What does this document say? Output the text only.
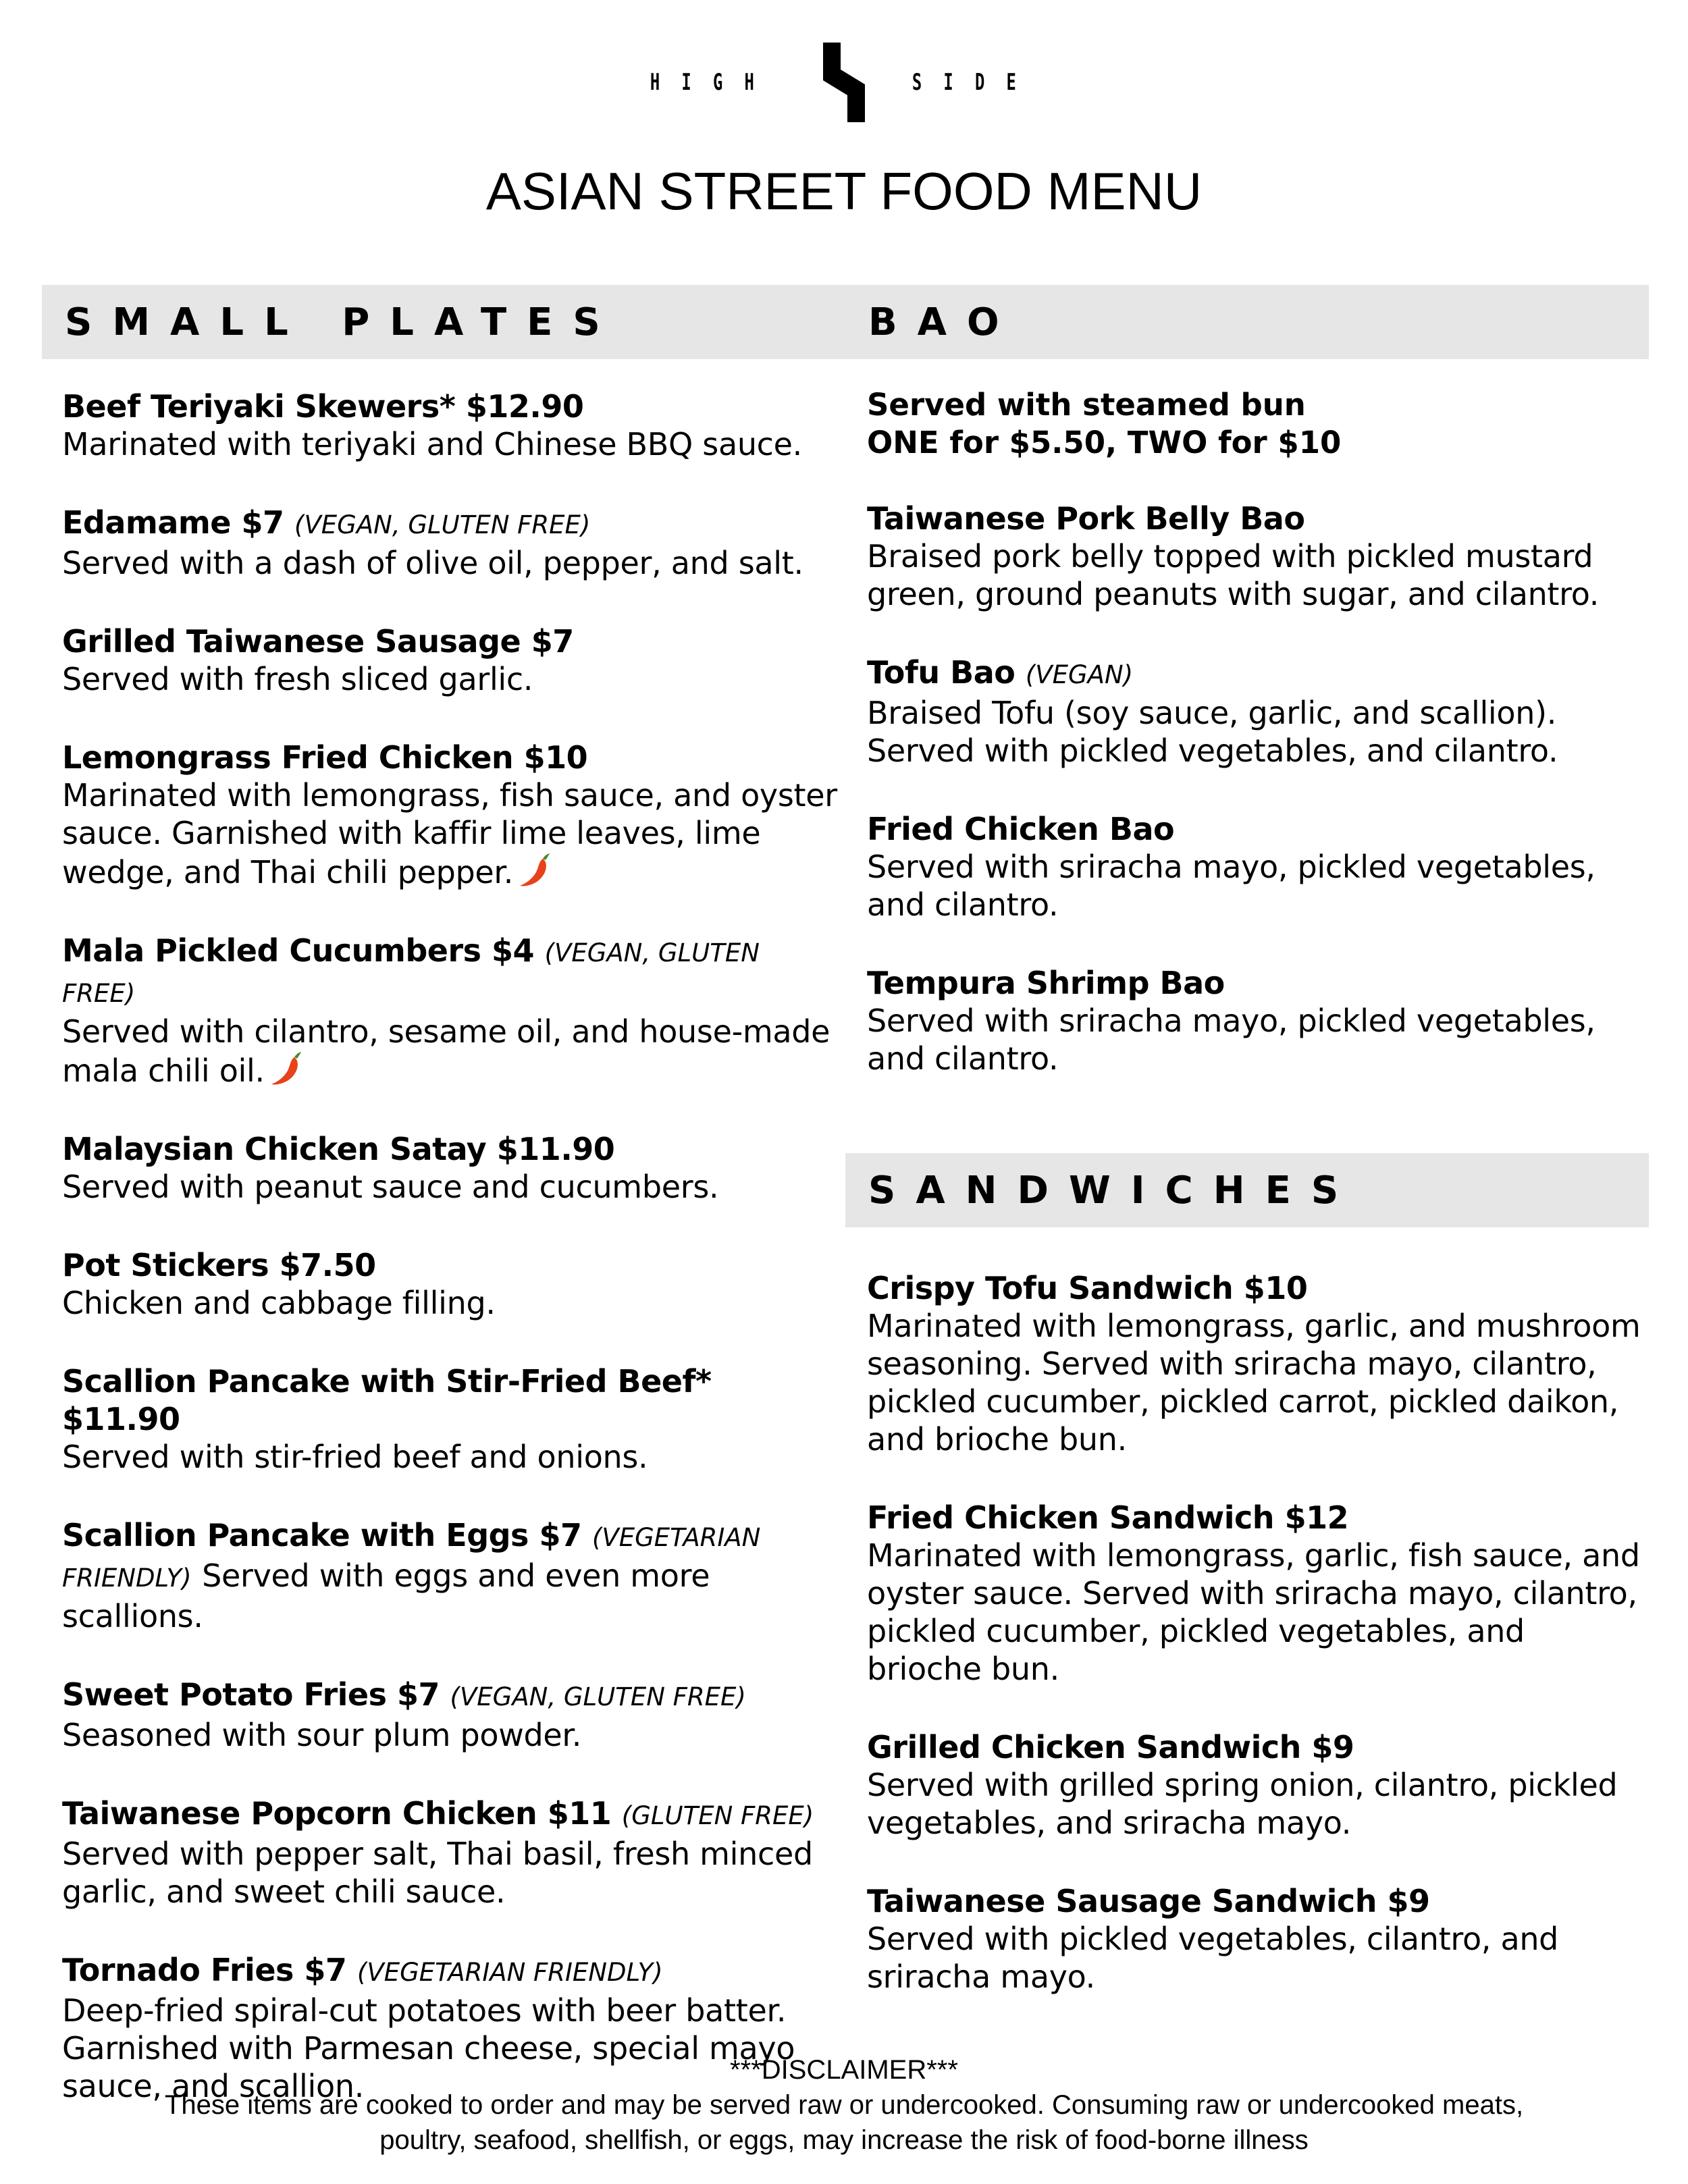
HIGH	SIDE
ASIAN STREET FOOD MENU
SMALL PLATES	BAO
SANDWICHES
Beef Teriyaki Skewers* $12.90
Marinated with teriyaki and Chinese BBQ sauce.
Edamame $7 (VEGAN, GLUTEN FREE)
Served with a dash of olive oil, pepper, and salt.
Grilled Taiwanese Sausage $7
Served with fresh sliced garlic.
Lemongrass Fried Chicken $10
Marinated with lemongrass, fish sauce, and oyster sauce. Garnished with kaffir lime leaves, lime wedge, and Thai chili pepper.
Mala Pickled Cucumbers $4 (VEGAN, GLUTEN FREE)
Served with cilantro, sesame oil, and house-made mala chili oil.
Malaysian Chicken Satay $11.90
Served with peanut sauce and cucumbers.
Pot Stickers $7.50
Chicken and cabbage filling.
Scallion Pancake with Stir-Fried Beef* $11.90
Served with stir-fried beef and onions.
Scallion Pancake with Eggs $7 (VEGETARIAN FRIENDLY) Served with eggs and even more scallions.
Sweet Potato Fries $7 (VEGAN, GLUTEN FREE)
Seasoned with sour plum powder.
Taiwanese Popcorn Chicken $11 (GLUTEN FREE)
Served with pepper salt, Thai basil, fresh minced garlic, and sweet chili sauce.
Tornado Fries $7 (VEGETARIAN FRIENDLY)
Deep-fried spiral-cut potatoes with beer batter. Garnished with Parmesan cheese, special mayo sauce, and scallion.
Served with steamed bun
ONE for $5.50, TWO for $10
Taiwanese Pork Belly Bao
Braised pork belly topped with pickled mustard green, ground peanuts with sugar, and cilantro.
Tofu Bao (VEGAN)
Braised Tofu (soy sauce, garlic, and scallion). Served with pickled vegetables, and cilantro.
Fried Chicken Bao
Served with sriracha mayo, pickled vegetables, and cilantro.
Tempura Shrimp Bao
Served with sriracha mayo, pickled vegetables, and cilantro.
Crispy Tofu Sandwich $10
Marinated with lemongrass, garlic, and mushroom seasoning. Served with sriracha mayo, cilantro, pickled cucumber, pickled carrot, pickled daikon, and brioche bun.
Fried Chicken Sandwich $12
Marinated with lemongrass, garlic, fish sauce, and oyster sauce. Served with sriracha mayo, cilantro, pickled cucumber, pickled vegetables, and brioche bun.
Grilled Chicken Sandwich $9
Served with grilled spring onion, cilantro, pickled vegetables, and sriracha mayo.
Taiwanese Sausage Sandwich $9
Served with pickled vegetables, cilantro, and sriracha mayo.
***DISCLAIMER***
These items are cooked to order and may be served raw or undercooked. Consuming raw or undercooked meats,
poultry, seafood, shellfish, or eggs, may increase the risk of food-borne illness
